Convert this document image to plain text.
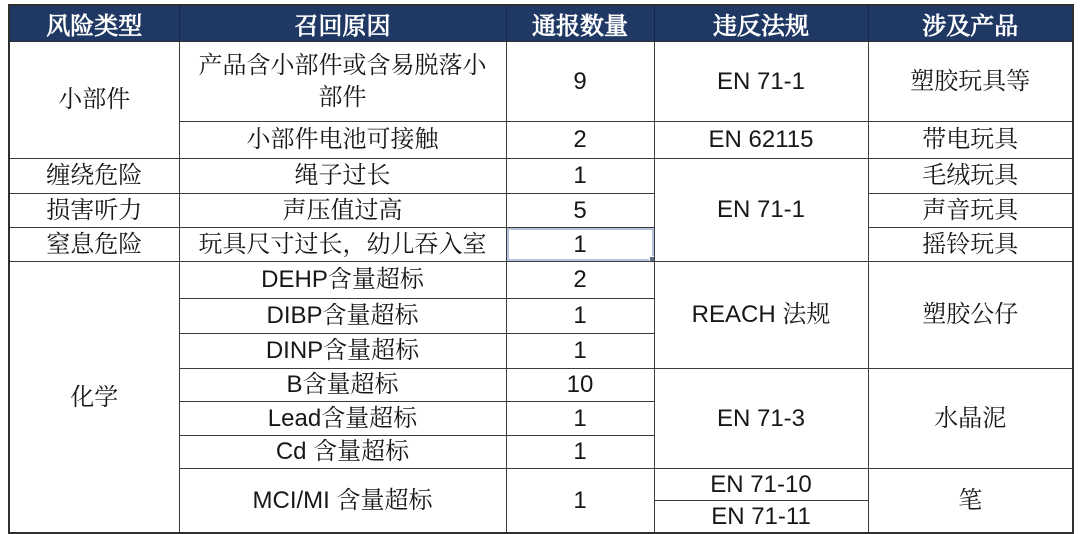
风险类型	召回原因	通报数量	违反法规	涉及产品
小部件	产品含小部件或含易脱落小部件	9	EN 71-1	塑胶玩具等
	小部件电池可接触	2	EN 62115	带电玩具
缠绕危险	绳子过长	1	EN 71-1	毛绒玩具
损害听力	声压值过高	5		声音玩具
窒息危险	玩具尺寸过长，幼儿吞入室	1		摇铃玩具
化学	DEHP含量超标	2	REACH 法规	塑胶公仔
	DIBP含量超标	1		
	DINP含量超标	1		
	B含量超标	10	EN 71-3	水晶泥
	Lead含量超标	1		
	Cd 含量超标	1		
	MCI/MI 含量超标	1	EN 71-10	笔
			EN 71-11	
